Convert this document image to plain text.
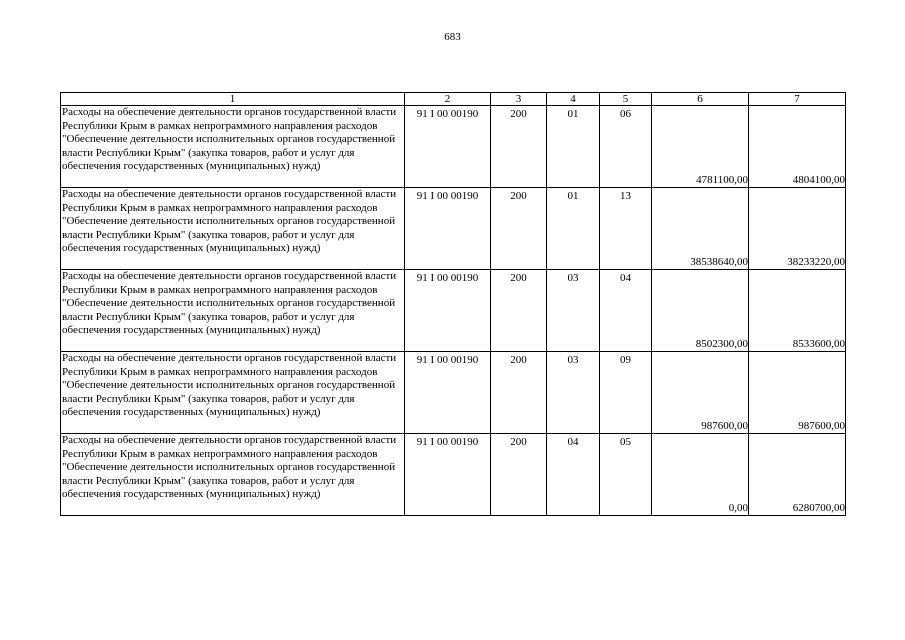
683
1	2	3	4	5	6	7
Расходы на обеспечение деятельности органов государственной власти Республики Крым в рамках непрограммного направления расходов "Обеспечение деятельности исполнительных органов государственной власти Республики Крым" (закупка товаров, работ и услуг для обеспечения государственных (муниципальных) нужд)	91 І 00 00190	200	01	06	4781100,00	4804100,00
Расходы на обеспечение деятельности органов государственной власти Республики Крым в рамках непрограммного направления расходов "Обеспечение деятельности исполнительных органов государственной власти Республики Крым" (закупка товаров, работ и услуг для обеспечения государственных (муниципальных) нужд)	91 І 00 00190	200	01	13	38538640,00	38233220,00
Расходы на обеспечение деятельности органов государственной власти Республики Крым в рамках непрограммного направления расходов "Обеспечение деятельности исполнительных органов государственной власти Республики Крым" (закупка товаров, работ и услуг для обеспечения государственных (муниципальных) нужд)	91 І 00 00190	200	03	04	8502300,00	8533600,00
Расходы на обеспечение деятельности органов государственной власти Республики Крым в рамках непрограммного направления расходов "Обеспечение деятельности исполнительных органов государственной власти Республики Крым" (закупка товаров, работ и услуг для обеспечения государственных (муниципальных) нужд)	91 І 00 00190	200	03	09	987600,00	987600,00
Расходы на обеспечение деятельности органов государственной власти Республики Крым в рамках непрограммного направления расходов "Обеспечение деятельности исполнительных органов государственной власти Республики Крым" (закупка товаров, работ и услуг для обеспечения государственных (муниципальных) нужд)	91 І 00 00190	200	04	05	0,00	6280700,00
